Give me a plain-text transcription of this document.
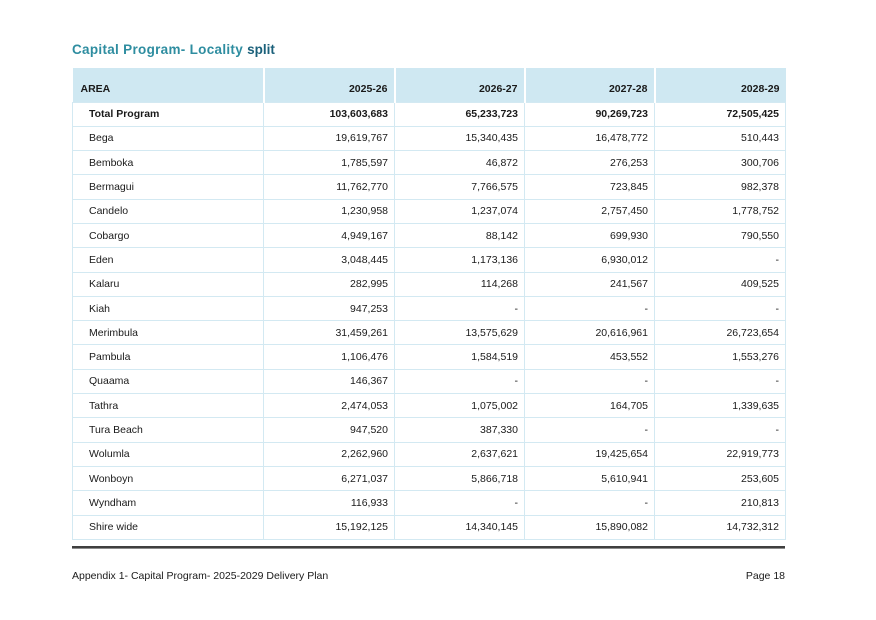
Capital Program- Locality split
AREA	2025-26	2026-27	2027-28	2028-29
Total Program	103,603,683	65,233,723	90,269,723	72,505,425
Bega	19,619,767	15,340,435	16,478,772	510,443
Bemboka	1,785,597	46,872	276,253	300,706
Bermagui	11,762,770	7,766,575	723,845	982,378
Candelo	1,230,958	1,237,074	2,757,450	1,778,752
Cobargo	4,949,167	88,142	699,930	790,550
Eden	3,048,445	1,173,136	6,930,012	-
Kalaru	282,995	114,268	241,567	409,525
Kiah	947,253	-	-	-
Merimbula	31,459,261	13,575,629	20,616,961	26,723,654
Pambula	1,106,476	1,584,519	453,552	1,553,276
Quaama	146,367	-	-	-
Tathra	2,474,053	1,075,002	164,705	1,339,635
Tura Beach	947,520	387,330	-	-
Wolumla	2,262,960	2,637,621	19,425,654	22,919,773
Wonboyn	6,271,037	5,866,718	5,610,941	253,605
Wyndham	116,933	-	-	210,813
Shire wide	15,192,125	14,340,145	15,890,082	14,732,312
Appendix 1- Capital Program- 2025-2029 Delivery Plan	Page 18
